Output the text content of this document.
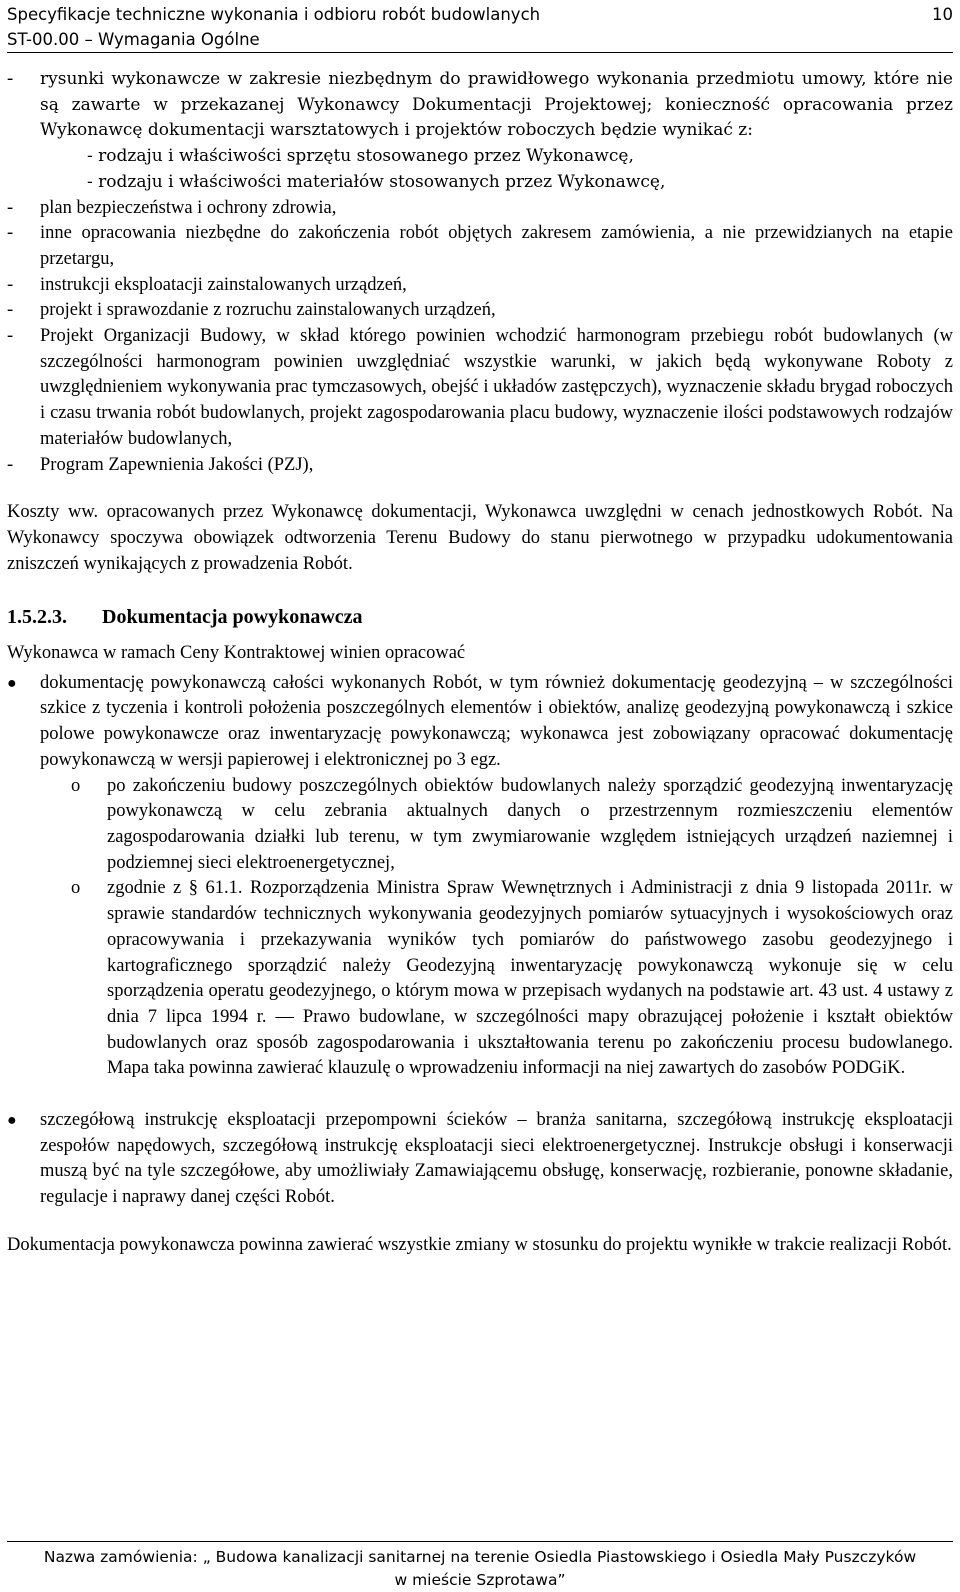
Specyfikacje techniczne wykonania i odbioru robót budowlanych	10
ST-00.00 – Wymagania Ogólne
-	rysunki wykonawcze w zakresie niezbędnym do prawidłowego wykonania przedmiotu umowy, które nie są zawarte w przekazanej Wykonawcy Dokumentacji Projektowej; konieczność opracowania przez Wykonawcę dokumentacji warsztatowych i projektów roboczych będzie wynikać z:
- rodzaju i właściwości sprzętu stosowanego przez Wykonawcę,
- rodzaju i właściwości materiałów stosowanych przez Wykonawcę,
-	plan bezpieczeństwa i ochrony zdrowia,
-	inne opracowania niezbędne do zakończenia robót objętych zakresem zamówienia, a nie przewidzianych na etapie przetargu,
-	instrukcji eksploatacji zainstalowanych urządzeń,
-	projekt i sprawozdanie z rozruchu zainstalowanych urządzeń,
-	Projekt Organizacji Budowy, w skład którego powinien wchodzić harmonogram przebiegu robót budowlanych (w szczególności harmonogram powinien uwzględniać wszystkie warunki, w jakich będą wykonywane Roboty z uwzględnieniem wykonywania prac tymczasowych, obejść i układów zastępczych), wyznaczenie składu brygad roboczych i czasu trwania robót budowlanych, projekt zagospodarowania placu budowy, wyznaczenie ilości podstawowych rodzajów materiałów budowlanych,
-	Program Zapewnienia Jakości (PZJ),

Koszty ww. opracowanych przez Wykonawcę dokumentacji, Wykonawca uwzględni w cenach jednostkowych Robót. Na Wykonawcy spoczywa obowiązek odtworzenia Terenu Budowy do stanu pierwotnego w przypadku udokumentowania zniszczeń wynikających z prowadzenia Robót.

1.5.2.3.	Dokumentacja powykonawcza

Wykonawca w ramach Ceny Kontraktowej winien opracować

●	dokumentację powykonawczą całości wykonanych Robót, w tym również dokumentację geodezyjną – w szczególności szkice z tyczenia i kontroli położenia poszczególnych elementów i obiektów, analizę geodezyjną powykonawczą i szkice polowe powykonawcze oraz inwentaryzację powykonawczą; wykonawca jest zobowiązany opracować dokumentację powykonawczą w wersji papierowej i elektronicznej po 3 egz.
o	po zakończeniu budowy poszczególnych obiektów budowlanych należy sporządzić geodezyjną inwentaryzację powykonawczą w celu zebrania aktualnych danych o przestrzennym rozmieszczeniu elementów zagospodarowania działki lub terenu, w tym zwymiarowanie względem istniejących urządzeń naziemnej i podziemnej sieci elektroenergetycznej,
o	zgodnie z § 61.1. Rozporządzenia Ministra Spraw Wewnętrznych i Administracji z dnia 9 listopada 2011r. w sprawie standardów technicznych wykonywania geodezyjnych pomiarów sytuacyjnych i wysokościowych oraz opracowywania i przekazywania wyników tych pomiarów do państwowego zasobu geodezyjnego i kartograficznego sporządzić należy Geodezyjną inwentaryzację powykonawczą wykonuje się w celu sporządzenia operatu geodezyjnego, o którym mowa w przepisach wydanych na podstawie art. 43 ust. 4 ustawy z dnia 7 lipca 1994 r. — Prawo budowlane, w szczególności mapy obrazującej położenie i kształt obiektów budowlanych oraz sposób zagospodarowania i ukształtowania terenu po zakończeniu procesu budowlanego. Mapa taka powinna zawierać klauzulę o wprowadzeniu informacji na niej zawartych do zasobów PODGiK.
●	szczegółową instrukcję eksploatacji przepompowni ścieków – branża sanitarna, szczegółową instrukcję eksploatacji zespołów napędowych, szczegółową instrukcję eksploatacji sieci elektroenergetycznej. Instrukcje obsługi i konserwacji muszą być na tyle szczegółowe, aby umożliwiały Zamawiającemu obsługę, konserwację, rozbieranie, ponowne składanie, regulacje i naprawy danej części Robót.

Dokumentacja powykonawcza powinna zawierać wszystkie zmiany w stosunku do projektu wynikłe w trakcie realizacji Robót.

Nazwa zamówienia: „ Budowa kanalizacji sanitarnej na terenie Osiedla Piastowskiego i Osiedla Mały Puszczyków
w mieście Szprotawa”
